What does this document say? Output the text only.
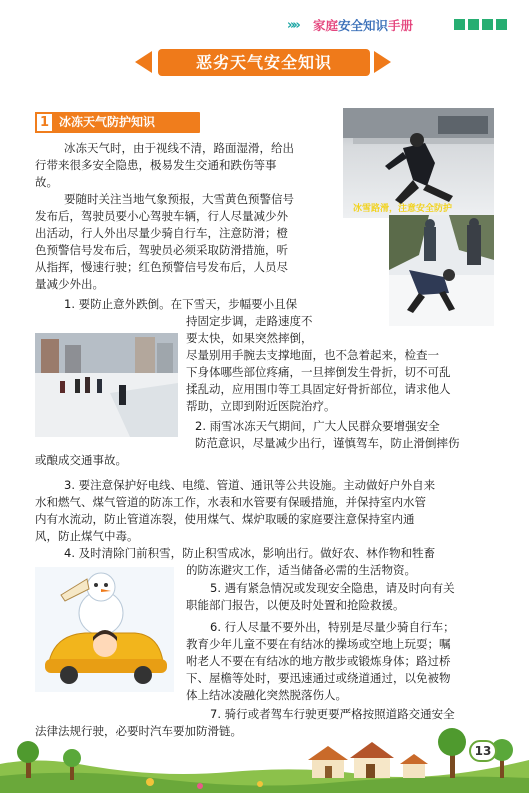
»» 家庭安全知识手册
恶劣天气安全知识
1 冰冻天气防护知识
冰雪路滑，注意安全防护
冰冻天气时，由于视线不清，路面湿滑，给出
行带来很多安全隐患，极易发生交通和跌伤等事
故。
要随时关注当地气象预报，大雪黄色预警信号
发布后，驾驶员要小心驾驶车辆，行人尽量减少外
出活动，行人外出尽量少骑自行车，注意防滑；橙
色预警信号发布后，驾驶员必须采取防滑措施，听
从指挥，慢速行驶；红色预警信号发布后，人员尽
量减少外出。
1. 要防止意外跌倒。在下雪天，步幅要小且保
持固定步调，走路速度不
要太快，如果突然摔倒，
尽量别用手腕去支撑地面，也不急着起来，检查一
下身体哪些部位疼痛，一旦摔倒发生骨折，切不可乱
揉乱动，应用围巾等工具固定好骨折部位，请求他人
帮助，立即到附近医院治疗。
2. 雨雪冰冻天气期间，广大人民群众要增强安全
防范意识，尽量减少出行，谨慎驾车，防止滑倒摔伤
或酿成交通事故。
3. 要注意保护好电线、电缆、管道、通讯等公共设施。主动做好户外自来
水和燃气、煤气管道的防冻工作，水表和水管要有保暖措施，并保持室内水管
内有水流动，防止管道冻裂，使用煤气、煤炉取暖的家庭要注意保持室内通
风，防止煤气中毒。
4. 及时清除门前积雪，防止积雪成冰，影响出行。做好农、林作物和牲畜
的防冻避灾工作，适当储备必需的生活物资。
5. 遇有紧急情况或发现安全隐患，请及时向有关
职能部门报告，以便及时处置和抢险救援。
6. 行人尽量不要外出，特别是尽量少骑自行车；
教育少年儿童不要在有结冰的操场或空地上玩耍；嘱
咐老人不要在有结冰的地方散步或锻炼身体；路过桥
下、屋檐等处时，要迅速通过或绕道通过，以免被物
体上结冰凌融化突然脱落伤人。
7. 骑行或者驾车行驶更要严格按照道路交通安全
法律法规行驶，必要时汽车要加防滑链。
13
